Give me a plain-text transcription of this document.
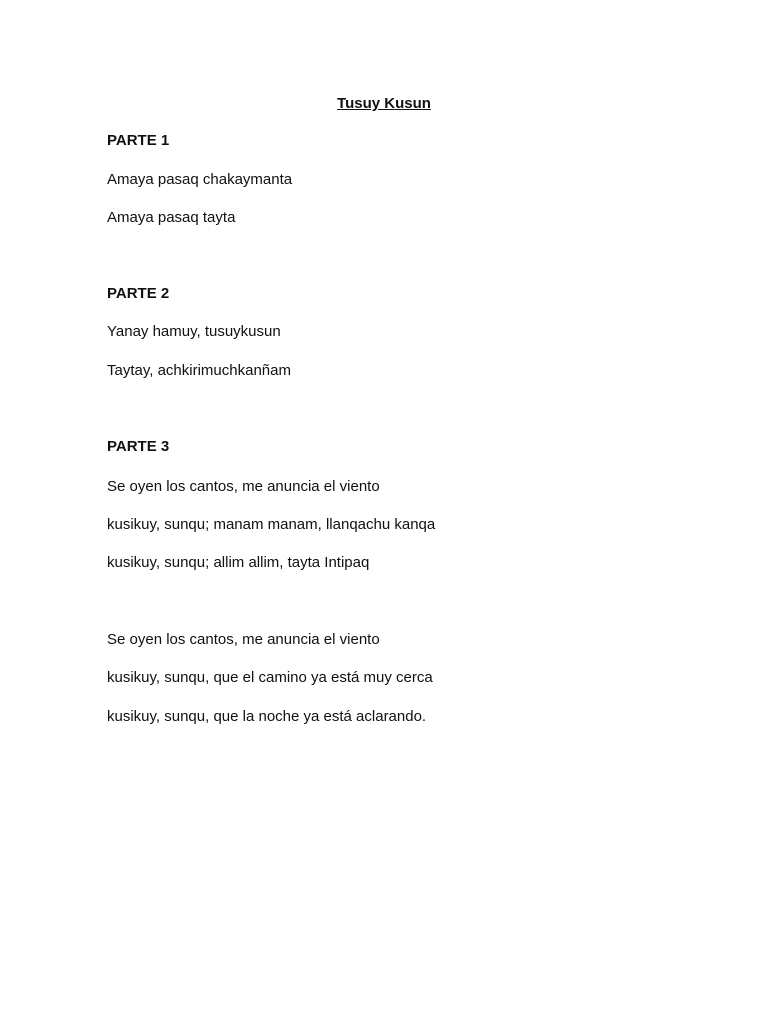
Tusuy Kusun

PARTE 1

Amaya pasaq chakaymanta

Amaya pasaq tayta

PARTE 2

Yanay hamuy, tusuykusun

Taytay, achkirimuchkanñam

PARTE 3

Se oyen los cantos, me anuncia el viento

kusikuy, sunqu; manam manam, llanqachu kanqa

kusikuy, sunqu; allim allim, tayta Intipaq

Se oyen los cantos, me anuncia el viento

kusikuy, sunqu, que el camino ya está muy cerca

kusikuy, sunqu, que la noche ya está aclarando.
